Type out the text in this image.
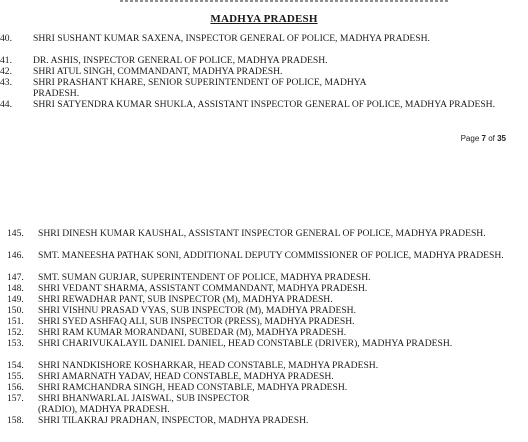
MADHYA PRADESH
40.	SHRI SUSHANT KUMAR SAXENA, INSPECTOR GENERAL OF POLICE, MADHYA PRADESH.
41.	DR. ASHIS, INSPECTOR GENERAL OF POLICE, MADHYA PRADESH.
42.	SHRI ATUL SINGH, COMMANDANT, MADHYA PRADESH.
43.	SHRI PRASHANT KHARE, SENIOR SUPERINTENDENT OF POLICE, MADHYA PRADESH.
44.	SHRI SATYENDRA KUMAR SHUKLA, ASSISTANT INSPECTOR GENERAL OF POLICE, MADHYA PRADESH.
Page 7 of 35
145.	SHRI DINESH KUMAR KAUSHAL, ASSISTANT INSPECTOR GENERAL OF POLICE, MADHYA PRADESH.
146.	SMT. MANEESHA PATHAK SONI, ADDITIONAL DEPUTY COMMISSIONER OF POLICE, MADHYA PRADESH.
147.	SMT. SUMAN GURJAR, SUPERINTENDENT OF POLICE, MADHYA PRADESH.
148.	SHRI VEDANT SHARMA, ASSISTANT COMMANDANT, MADHYA PRADESH.
149.	SHRI REWADHAR PANT, SUB INSPECTOR (M), MADHYA PRADESH.
150.	SHRI VISHNU PRASAD VYAS, SUB INSPECTOR (M), MADHYA PRADESH.
151.	SHRI SYED ASHFAQ ALI, SUB INSPECTOR (PRESS), MADHYA PRADESH.
152.	SHRI RAM KUMAR MORANDANI, SUBEDAR (M), MADHYA PRADESH.
153.	SHRI CHARIVUKALAYIL DANIEL DANIEL, HEAD CONSTABLE (DRIVER), MADHYA PRADESH.
154.	SHRI NANDKISHORE KOSHARKAR, HEAD CONSTABLE, MADHYA PRADESH.
155.	SHRI AMARNATH YADAV, HEAD CONSTABLE, MADHYA PRADESH.
156.	SHRI RAMCHANDRA SINGH, HEAD CONSTABLE, MADHYA PRADESH.
157.	SHRI BHANWARLAL JAISWAL, SUB INSPECTOR (RADIO), MADHYA PRADESH.
158.	SHRI TILAKRAJ PRADHAN, INSPECTOR, MADHYA PRADESH.
